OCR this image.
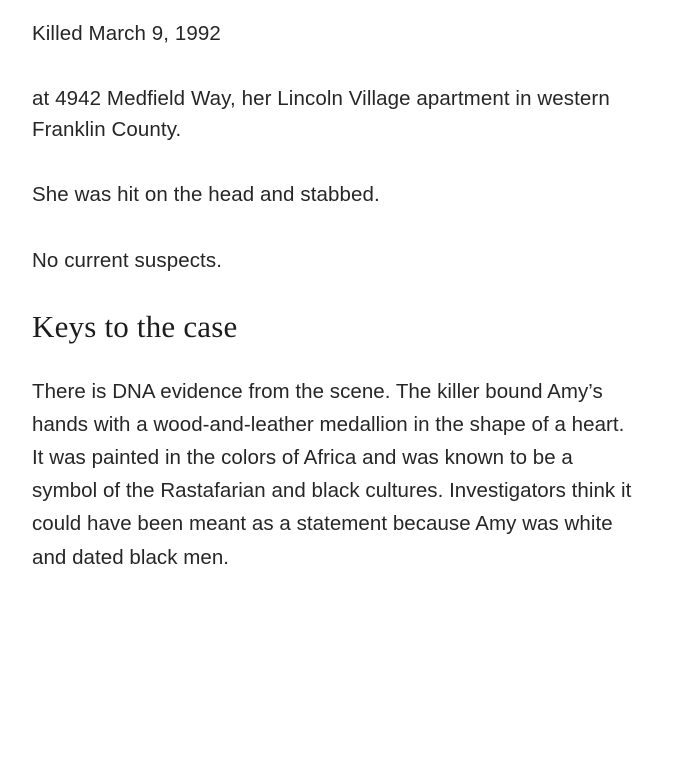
Killed March 9, 1992

at 4942 Medfield Way, her Lincoln Village apartment in western Franklin County.

She was hit on the head and stabbed.

No current suspects.

Keys to the case

There is DNA evidence from the scene. The killer bound Amy’s hands with a wood-and-leather medallion in the shape of a heart. It was painted in the colors of Africa and was known to be a symbol of the Rastafarian and black cultures. Investigators think it could have been meant as a statement because Amy was white and dated black men.
